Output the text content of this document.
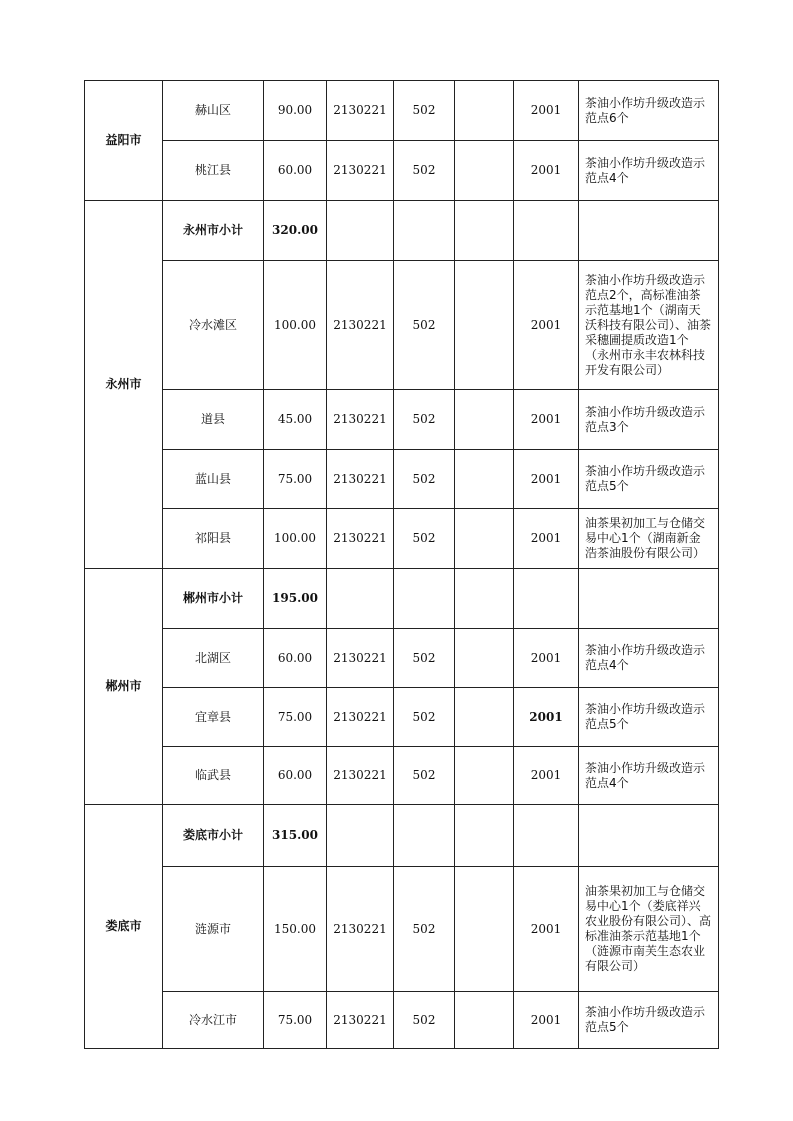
益阳市	赫山区	90.00	2130221	502		2001	茶油小作坊升级改造示范点6个
	桃江县	60.00	2130221	502		2001	茶油小作坊升级改造示范点4个
永州市	永州市小计	320.00					
	冷水滩区	100.00	2130221	502		2001	茶油小作坊升级改造示范点2个，高标准油茶示范基地1个（湖南天沃科技有限公司）、油茶采穗圃提质改造1个（永州市永丰农林科技开发有限公司）
	道县	45.00	2130221	502		2001	茶油小作坊升级改造示范点3个
	蓝山县	75.00	2130221	502		2001	茶油小作坊升级改造示范点5个
	祁阳县	100.00	2130221	502		2001	油茶果初加工与仓储交易中心1个（湖南新金浩茶油股份有限公司）
郴州市	郴州市小计	195.00					
	北湖区	60.00	2130221	502		2001	茶油小作坊升级改造示范点4个
	宜章县	75.00	2130221	502		2001	茶油小作坊升级改造示范点5个
	临武县	60.00	2130221	502		2001	茶油小作坊升级改造示范点4个
娄底市	娄底市小计	315.00					
	涟源市	150.00	2130221	502		2001	油茶果初加工与仓储交易中心1个（娄底祥兴农业股份有限公司）、高标准油茶示范基地1个（涟源市南芙生态农业有限公司）
	冷水江市	75.00	2130221	502		2001	茶油小作坊升级改造示范点5个
